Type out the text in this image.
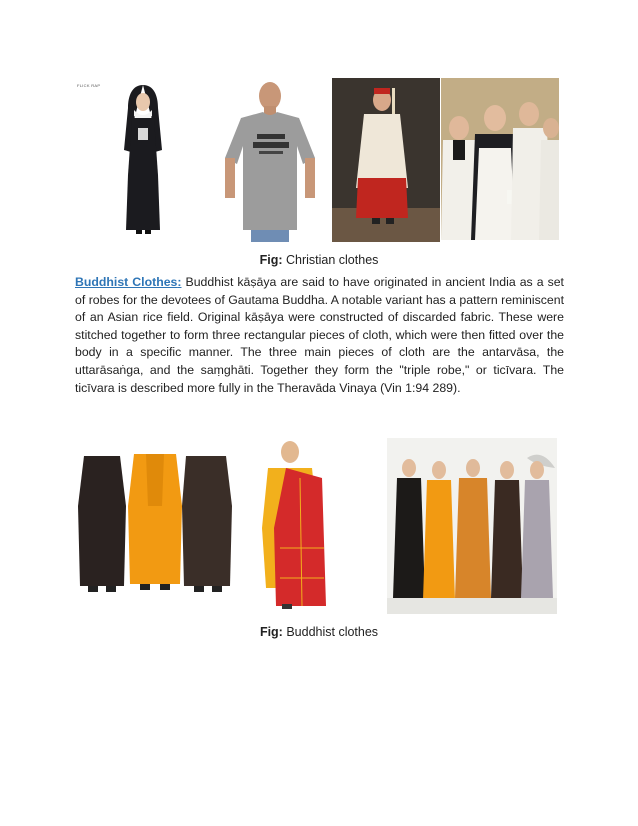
FLICK RAP
Fig: Christian clothes
Buddhist Clothes: Buddhist kāṣāya are said to have originated in ancient India as a set of robes for the devotees of Gautama Buddha. A notable variant has a pattern reminiscent of an Asian rice field. Original kāṣāya were constructed of discarded fabric. These were stitched together to form three rectangular pieces of cloth, which were then fitted over the body in a specific manner. The three main pieces of cloth are the antarvāsa, the uttarāsaṅga, and the saṃghāti. Together they form the "triple robe," or ticīvara. The ticīvara is described more fully in the Theravāda Vinaya (Vin 1:94 289).
Fig: Buddhist clothes
